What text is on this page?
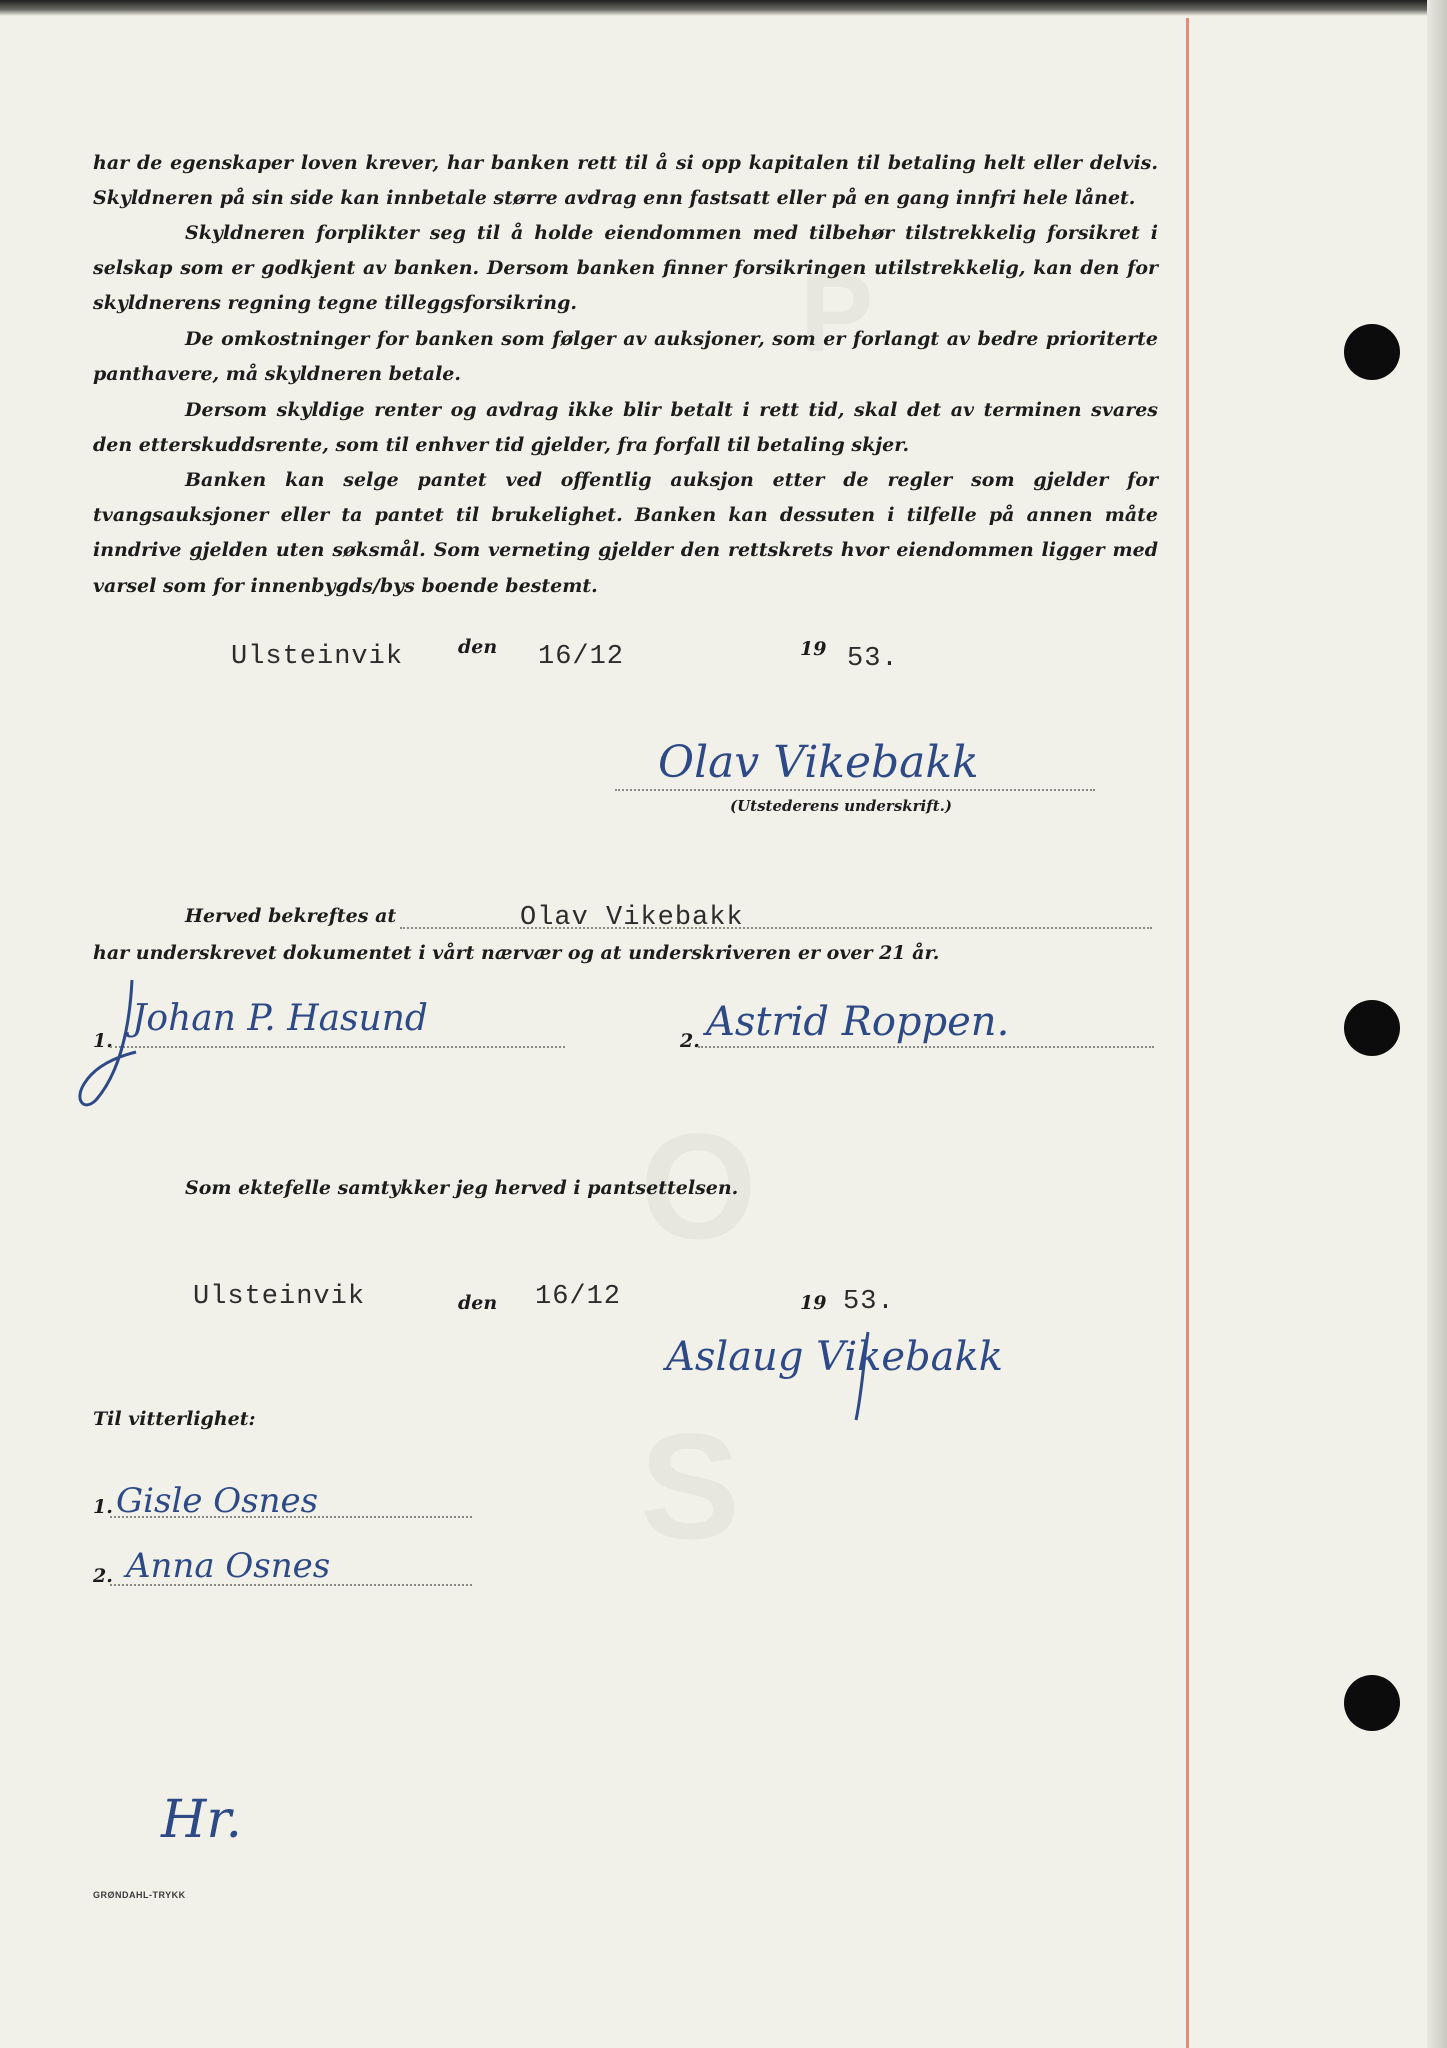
P
O
S

har de egenskaper loven krever, har banken rett til å si opp kapitalen til betaling helt eller delvis. Skyldneren på sin side kan innbetale større avdrag enn fastsatt eller på en gang innfri hele lånet.

Skyldneren forplikter seg til å holde eiendommen med tilbehør tilstrekkelig forsikret i selskap som er godkjent av banken. Dersom banken finner forsikringen utilstrekkelig, kan den for skyldnerens regning tegne tilleggsforsikring.

De omkostninger for banken som følger av auksjoner, som er forlangt av bedre prioriterte panthavere, må skyldneren betale.

Dersom skyldige renter og avdrag ikke blir betalt i rett tid, skal det av terminen svares den etterskuddsrente, som til enhver tid gjelder, fra forfall til betaling skjer.

Banken kan selge pantet ved offentlig auksjon etter de regler som gjelder for tvangsauksjoner eller ta pantet til brukelighet. Banken kan dessuten i tilfelle på annen måte inndrive gjelden uten søksmål. Som verneting gjelder den rettskrets hvor eiendommen ligger med varsel som for innenbygds/bys boende bestemt.

Ulsteinvik	den 16/12	19 53.
Olav Vikebakk
(Utstederens underskrift.)
Herved bekreftes at	Olav Vikebakk
har underskrevet dokumentet i vårt nærvær og at underskriveren er over 21 år.
1.
Johan P. Hasund
2. Astrid Roppen.
Som ektefelle samtykker jeg herved i pantsettelsen.
Ulsteinvik	den 16/12	19 53.
Aslaug Vikebakk
Til vitterlighet:
1. Gisle Osnes
2. Anna Osnes
Hr.
GRØNDAHL-TRYKK
